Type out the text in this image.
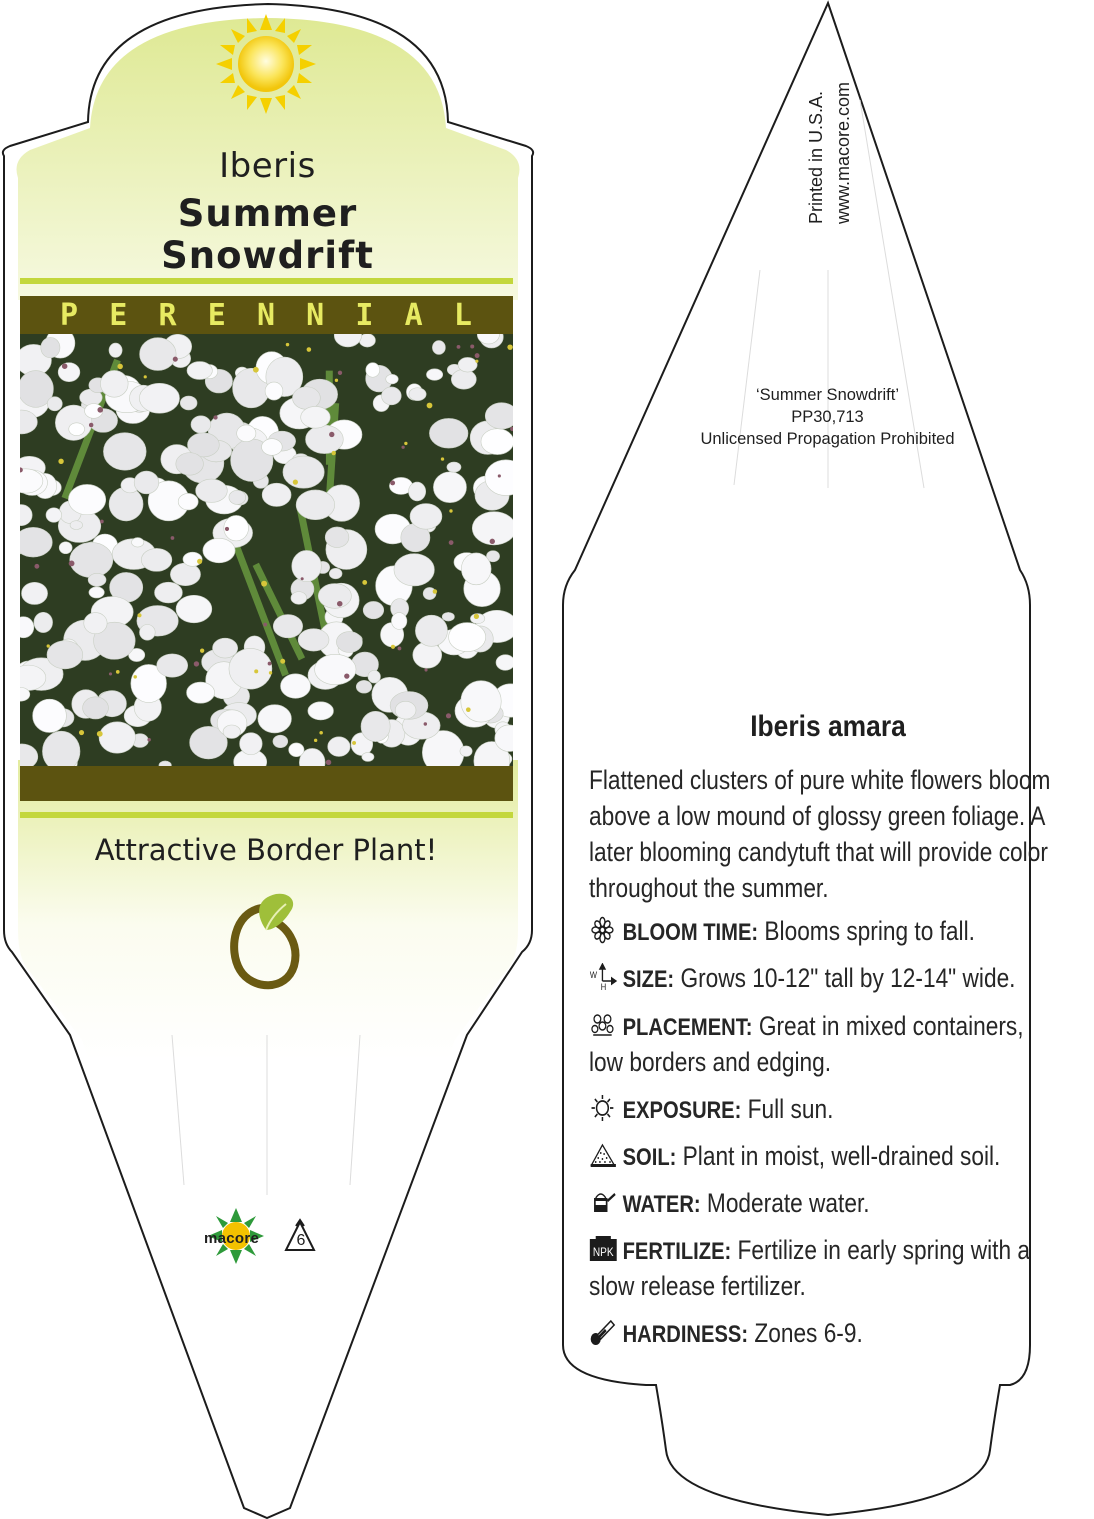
Iberis
Summer
Snowdrift
P E R E N N I A L
Attractive Border Plant!
macore	6
Printed in U.S.A. www.macore.com
‘Summer Snowdrift’
PP30,713
Unlicensed Propagation Prohibited
Iberis amara
Flattened clusters of pure white flowers bloom above a low mound of glossy green foliage. A later blooming candytuft that will provide color throughout the summer.
BLOOM TIME: Blooms spring to fall.
W
H SIZE: Grows 10-12" tall by 12-14" wide.
PLACEMENT: Great in mixed containers, low borders and edging.
EXPOSURE: Full sun.
SOIL: Plant in moist, well-drained soil.
WATER: Moderate water.
NPK FERTILIZE: Fertilize in early spring with a slow release fertilizer.
HARDINESS: Zones 6-9.
